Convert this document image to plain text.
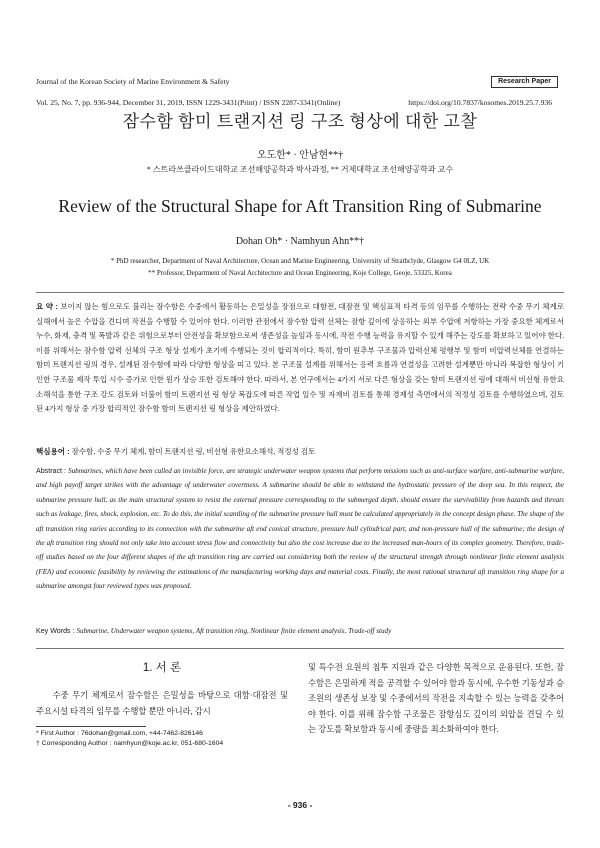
Journal of the Korean Society of Marine Environment & Safety	Research Paper
Vol. 25, No. 7, pp. 936-944, December 31, 2019, ISSN 1229-3431(Print) / ISSN 2287-3341(Online)	https://doi.org/10.7837/kosomes.2019.25.7.936
잠수함 함미 트랜지션 링 구조 형상에 대한 고찰
오도한* · 안남현**†
* 스트라쓰클라이드대학교 조선해양공학과 박사과정, ** 거제대학교 조선해양공학과 교수
Review of the Structural Shape for Aft Transition Ring of Submarine
Dohan Oh* · Namhyun Ahn**†
* PhD researcher, Department of Naval Architecture, Ocean and Marine Engineering, University of Strathclyde, Glasgow G4 0LZ, UK
** Professor, Department of Naval Architecture and Ocean Engineering, Koje College, Geoje, 53325, Korea
요 약 : 보이지 않는 힘으로도 불리는 잠수함은 수중에서 활동하는 은밀성을 장점으로 대함전, 대잠전 및 핵심표적 타격 등의 임무를 수행하는 전략 수중 무기 체계로 실해에서 높은 수압을 견디며 작전을 수행할 수 있어야 한다. 이러한 관점에서 잠수함 압력 선체는 잠항 깊이에 상응하는 외부 수압에 저항하는 가장 중요한 체계로서 누수, 화재, 충격 및 폭발과 같은 위험으로부터 안전성을 확보함으로써 생존성을 높임과 동시에, 작전 수행 능력을 유지할 수 있게 해주는 강도를 확보하고 있어야 한다. 이를 위해서는 잠수함 압력 선체의 구조 형상 설계가 초기에 수행되는 것이 합리적이다. 특히, 함미 원추부 구조물과 압력선체 평행부 및 함미 비압력선체를 연결하는 함미 트랜지션 링의 경우, 설계된 잠수함에 따라 다양한 형상을 띠고 있다. 본 구조물 설계를 위해서는 응력 흐름과 연결성을 고려한 설계뿐만 아니라 복잡한 형상이 기인한 구조물 제작 투입 시수 증가로 인한 원가 상승 또한 검토해야 한다. 따라서, 본 연구에서는 4가지 서로 다른 형상을 갖는 함미 트랜지션 링에 대해서 비선형 유한요소해석을 통한 구조 강도 검토와 더불어 함미 트랜지션 링 형상 복잡도에 따른 작업 일수 및 자재비 검토를 통해 경제성 측면에서의 적정성 검토를 수행하였으며, 검토된 4가지 형상 중 가장 합리적인 잠수함 함미 트랜지션 링 형상을 제안하였다.
핵심용어 : 잠수함, 수중 무기 체계, 함미 트랜지션 링, 비선형 유한요소해석, 적정성 검토
Abstract : Submarines, which have been called an invisible force, are strategic underwater weapon systems that perform missions such as anti-surface warfare, anti-submarine warfare, and high payoff target strikes with the advantage of underwater covertness. A submarine should be able to withstand the hydrostatic pressure of the deep sea. In this respect, the submarine pressure hull, as the main structural system to resist the external pressure corresponding to the submerged depth, should ensure the survivability from hazards and threats such as leakage, fires, shock, explosion, etc. To do this, the initial scantling of the submarine pressure hull must be calculated appropriately in the concept design phase. The shape of the aft transition ring varies according to its connection with the submarine aft end conical structure, pressure hull cylindrical part, and non-pressure hull of the submarine; the design of the aft transition ring should not only take into account stress flow and connectivity but also the cost increase due to the increased man-hours of its complex geometry. Therefore, trade-off studies based on the four different shapes of the aft transition ring are carried out considering both the review of the structural strength through nonlinear finite element analysis (FEA) and economic feasibility by reviewing the estimations of the manufacturing working days and material costs. Finally, the most rational structural aft transition ring shape for a submarine amongst four reviewed types was proposed.
Key Words : Submarine, Underwater weapon systems, Aft transition ring, Nonlinear finite element analysis, Trade-off study
1. 서 론
수중 무기 체계로서 잠수함은 은밀성을 바탕으로 대함·대잠전 및 주요시설 타격의 임무를 수행할 뿐만 아니라, 감시
및 특수전 요원의 침투 지원과 같은 다양한 목적으로 운용된다. 또한, 잠수함은 은밀하게 적을 공격할 수 있어야 함과 동시에, 우수한 기동성과 승조원의 생존성 보장 및 수중에서의 작전을 지속할 수 있는 능력을 갖추어야 한다. 이를 위해 잠수함 구조물은 잠항심도 깊이의 외압을 견딜 수 있는 강도를 확보함과 동시에 중량을 최소화하여야 한다.
* First Author : 76dohan@gmail.com, +44-7462-826146
† Corresponding Author : namhyun@koje.ac.kr, 051-680-1604
- 936 -
